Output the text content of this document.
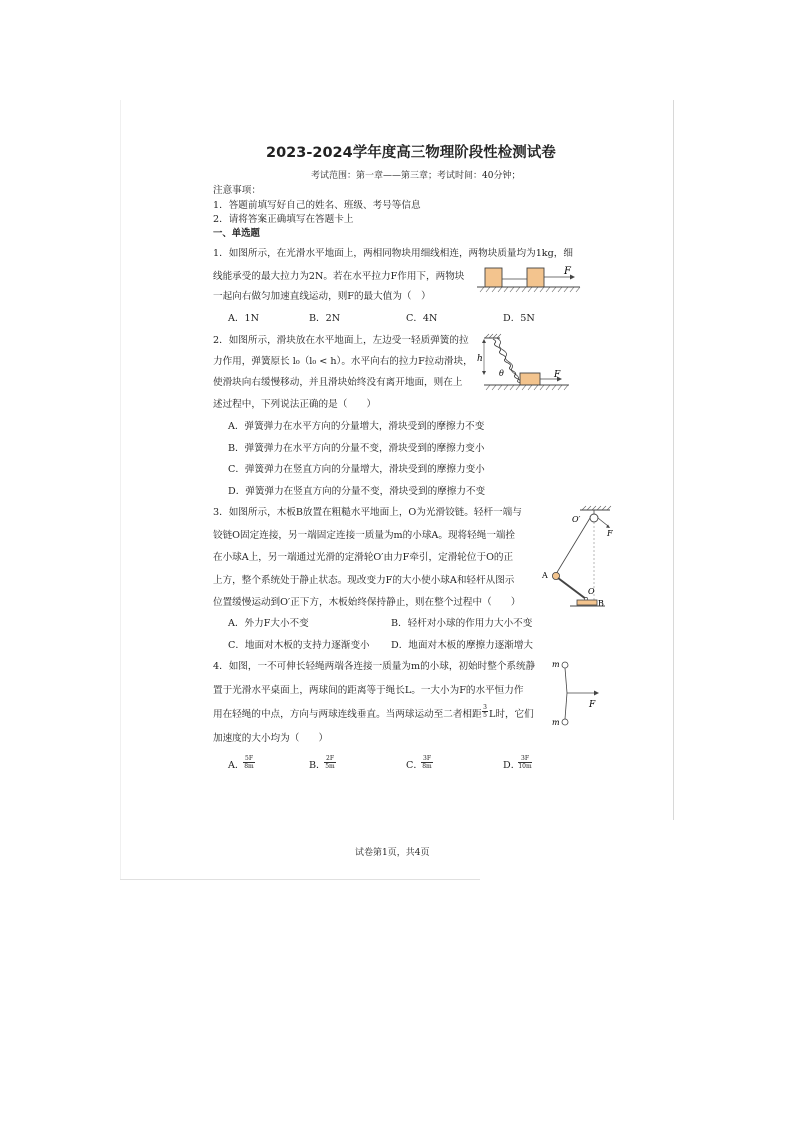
2023-2024学年度高三物理阶段性检测试卷
考试范围：第一章——第三章；考试时间：40分钟；
注意事项：
1．答题前填写好自己的姓名、班级、考号等信息
2．请将答案正确填写在答题卡上
一、单选题
1．如图所示，在光滑水平地面上，两相同物块用细线相连，两物块质量均为1kg，细
线能承受的最大拉力为2N。若在水平拉力F作用下，两物块
一起向右做匀加速直线运动，则F的最大值为（　）
A．1N	B．2N	C．4N	D．5N
F
2．如图所示，滑块放在水平地面上，左边受一轻质弹簧的拉
力作用，弹簧原长 l₀（l₀ < h）。水平向右的拉力F拉动滑块，
使滑块向右缓慢移动，并且滑块始终没有离开地面，则在上
述过程中，下列说法正确的是（　　）
A．弹簧弹力在水平方向的分量增大，滑块受到的摩擦力不变
B．弹簧弹力在水平方向的分量不变，滑块受到的摩擦力变小
C．弹簧弹力在竖直方向的分量增大，滑块受到的摩擦力变小
D．弹簧弹力在竖直方向的分量不变，滑块受到的摩擦力不变
h
θ	F
3．如图所示，木板B放置在粗糙水平地面上，O为光滑铰链。轻杆一端与
铰链O固定连接，另一端固定连接一质量为m的小球A。现将轻绳一端拴
在小球A上，另一端通过光滑的定滑轮O′由力F牵引，定滑轮位于O的正
上方，整个系统处于静止状态。现改变力F的大小使小球A和轻杆从图示
位置缓慢运动到O′正下方，木板始终保持静止，则在整个过程中（　　）
A．外力F大小不变	B．轻杆对小球的作用力大小不变
C．地面对木板的支持力逐渐变小 D．地面对木板的摩擦力逐渐增大
O′
F
A
O
B
4．如图，一不可伸长轻绳两端各连接一质量为m的小球，初始时整个系统静
置于光滑水平桌面上，两球间的距离等于绳长L。一大小为F的水平恒力作
用在轻绳的中点，方向与两球连线垂直。当两球运动至二者相距 $\frac{3}{5}$ L时，它们
加速度的大小均为（　　）
A．
$\frac{5F}{8m}$	B．
$\frac{2F}{5m}$	C．
$\frac{3F}{8m}$	D．
$\frac{3F}{10m}$
m
F
m
试卷第1页，共4页
